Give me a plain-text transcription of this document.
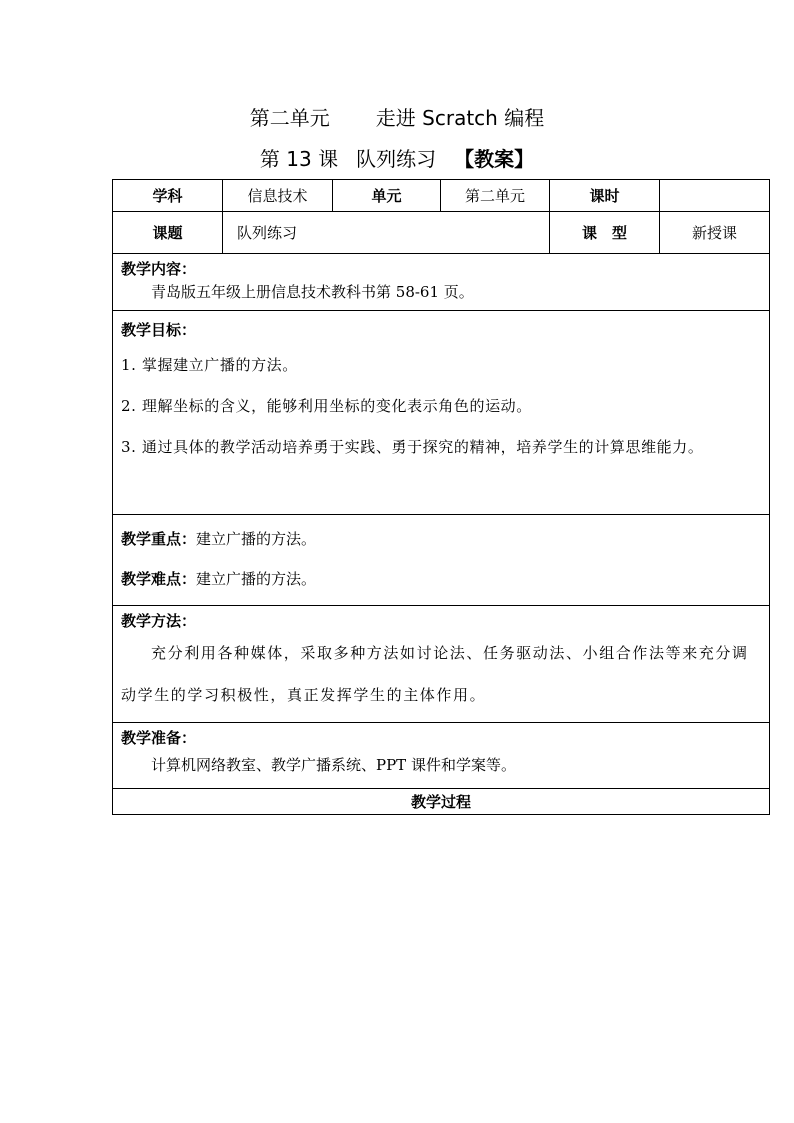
第二单元 走进 Scratch 编程
第 13 课 队列练习 【教案】
学科	信息技术	单元	第二单元	课时	
课题	队列练习			课　型	新授课

教学内容：
青岛版五年级上册信息技术教科书第 58-61 页。					

教学目标：
1. 掌握建立广播的方法。
2. 理解坐标的含义，能够利用坐标的变化表示角色的运动。
3. 通过具体的教学活动培养勇于实践、勇于探究的精神，培养学生的计算思维能力。					

教学重点：建立广播的方法。
教学难点：建立广播的方法。					

教学方法：
充分利用各种媒体，采取多种方法如讨论法、任务驱动法、小组合作法等来充分调动学生的学习积极性，真正发挥学生的主体作用。					

教学准备：
计算机网络教室、教学广播系统、PPT 课件和学案等。					

教学过程					
